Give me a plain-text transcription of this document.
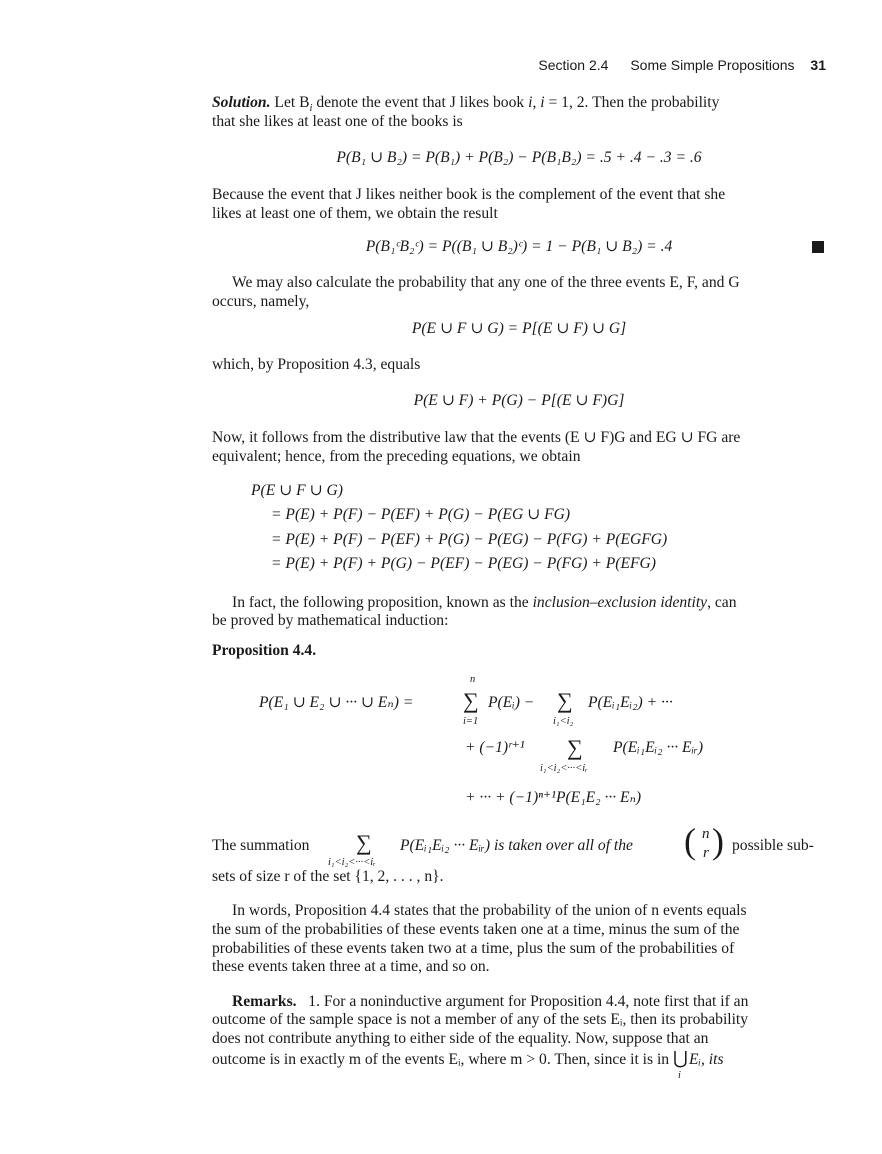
Section 2.4 Some Simple Propositions 31
Solution. Let $B_i$ denote the event that J likes book i, i = 1, 2. Then the probability
that she likes at least one of the books is
P(B₁ ∪ B₂) = P(B₁) + P(B₂) − P(B₁B₂) = .5 + .4 − .3 = .6
Because the event that J likes neither book is the complement of the event that she
likes at least one of them, we obtain the result
P(B₁ᶜB₂ᶜ) = P((B₁ ∪ B₂)ᶜ) = 1 − P(B₁ ∪ B₂) = .4
We may also calculate the probability that any one of the three events E, F, and G
occurs, namely,
P(E ∪ F ∪ G) = P[(E ∪ F) ∪ G]
which, by Proposition 4.3, equals
P(E ∪ F) + P(G) − P[(E ∪ F)G]
Now, it follows from the distributive law that the events (E ∪ F)G and EG ∪ FG are
equivalent; hence, from the preceding equations, we obtain
P(E ∪ F ∪ G)
= P(E) + P(F) − P(EF) + P(G) − P(EG ∪ FG)
= P(E) + P(F) − P(EF) + P(G) − P(EG) − P(FG) + P(EGFG)
= P(E) + P(F) + P(G) − P(EF) − P(EG) − P(FG) + P(EFG)
In fact, the following proposition, known as the inclusion–exclusion identity, can
be proved by mathematical induction:
Proposition 4.4.
P(E₁ ∪ E₂ ∪ ··· ∪ Eₙ) =
n
∑
i=1
P(Eᵢ) − ∑
i₁<i₂
P(Eᵢ₁Eᵢ₂) + ···
+ (−1)ʳ⁺¹ ∑
i₁<i₂<···<iᵣ
P(Eᵢ₁Eᵢ₂ ··· Eᵢᵣ)
+ ··· + (−1)ⁿ⁺¹P(E₁E₂ ··· Eₙ)
The summation ∑
i₁<i₂<···<iᵣ
P(Eᵢ₁Eᵢ₂ ··· Eᵢᵣ) is taken over all of the ( n
r ) possible sub-
sets of size r of the set {1, 2, . . . , n}.
In words, Proposition 4.4 states that the probability of the union of n events equals
the sum of the probabilities of these events taken one at a time, minus the sum of the
probabilities of these events taken two at a time, plus the sum of the probabilities of
these events taken three at a time, and so on.
Remarks. 1. For a noninductive argument for Proposition 4.4, note first that if an
outcome of the sample space is not a member of any of the sets Eᵢ, then its probability
does not contribute anything to either side of the equality. Now, suppose that an
outcome is in exactly m of the events Eᵢ, where m > 0. Then, since it is in ⋃
i
Eᵢ, its
